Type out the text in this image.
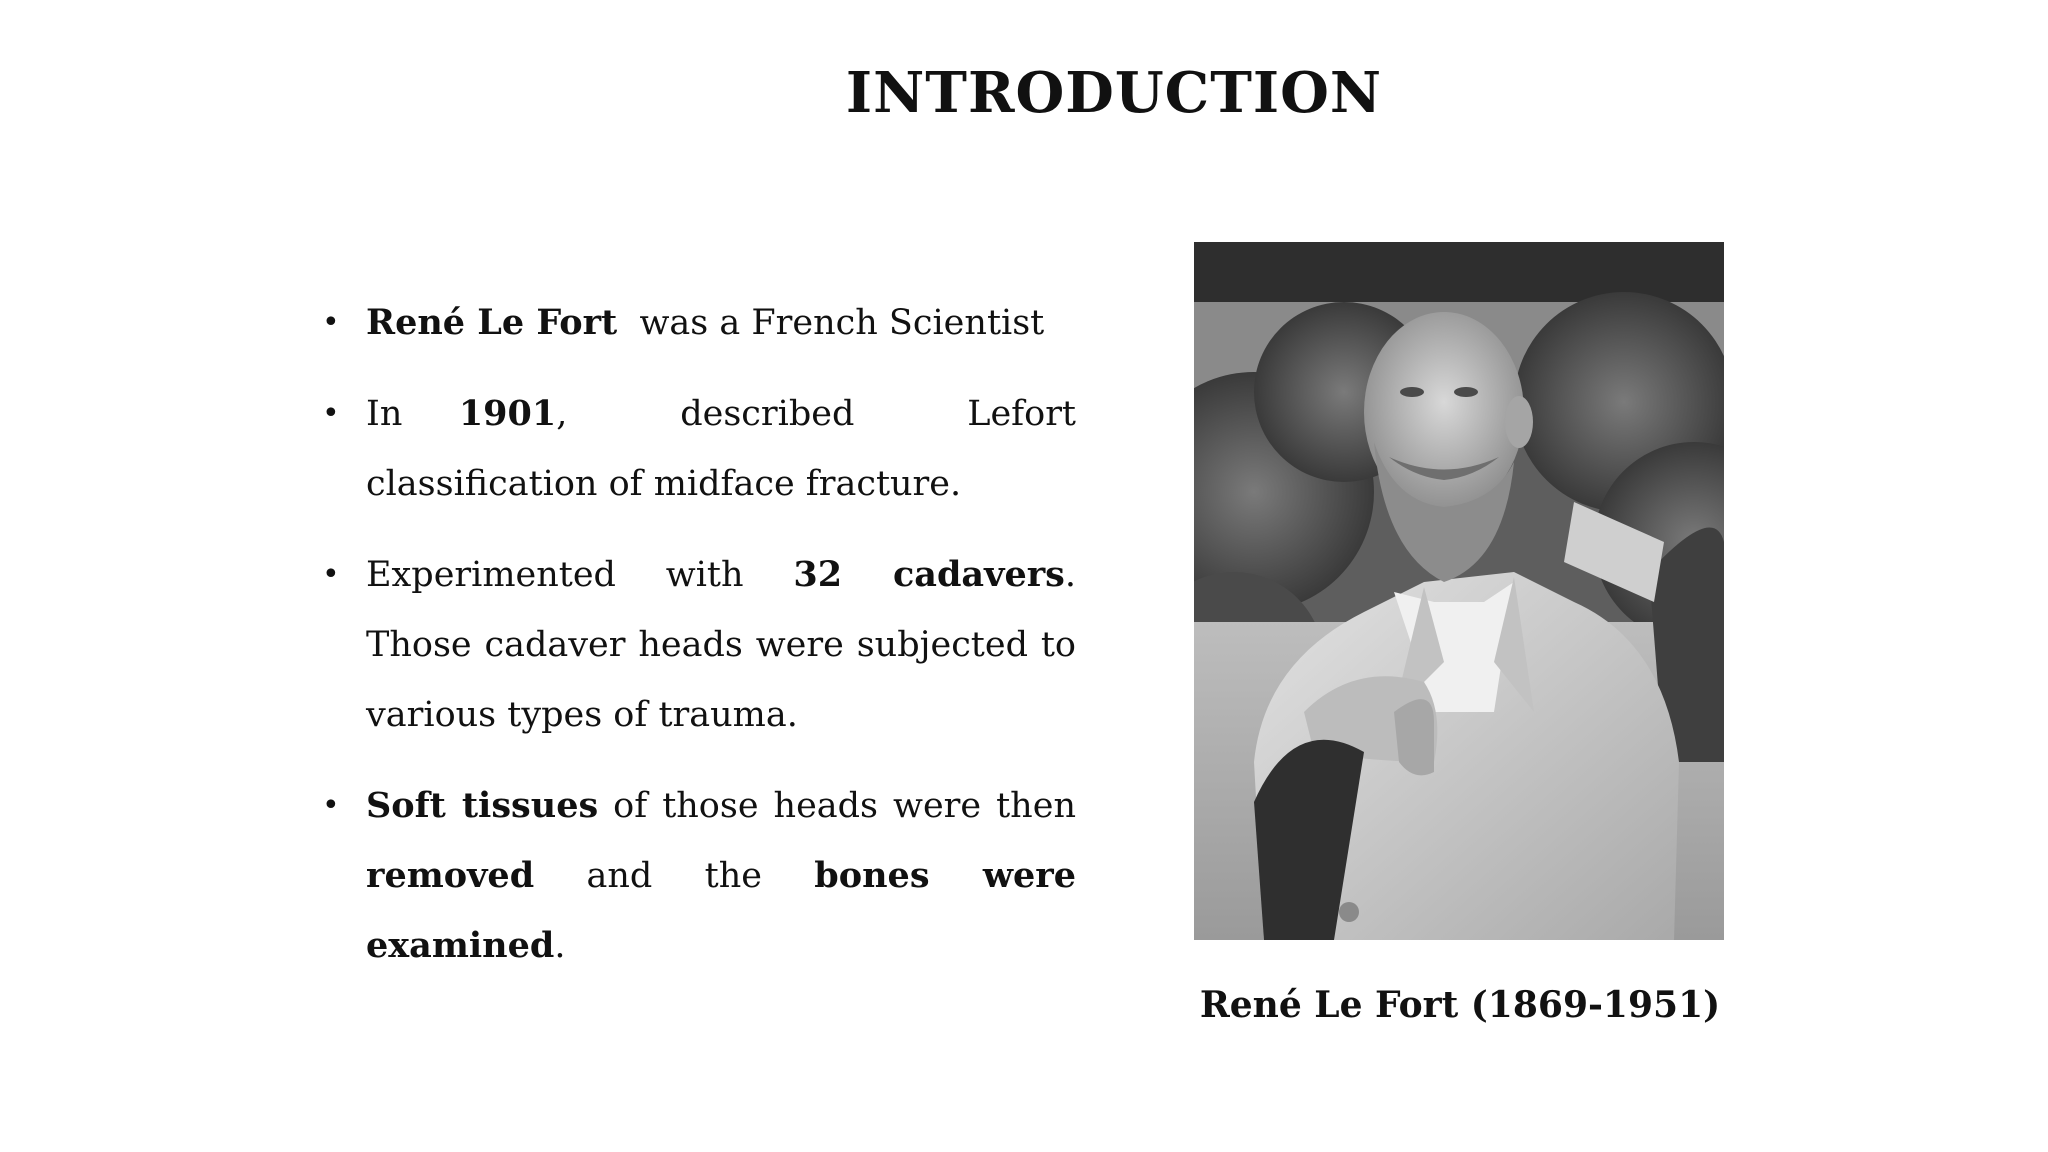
INTRODUCTION
• René Le Fort  was a French Scientist
• In 1901,  described  Lefort classification of midface fracture.
• Experimented with 32 cadavers. Those cadaver heads were subjected to various types of trauma.
• Soft tissues of those heads were then removed and the bones were examined.
René Le Fort (1869-1951)
